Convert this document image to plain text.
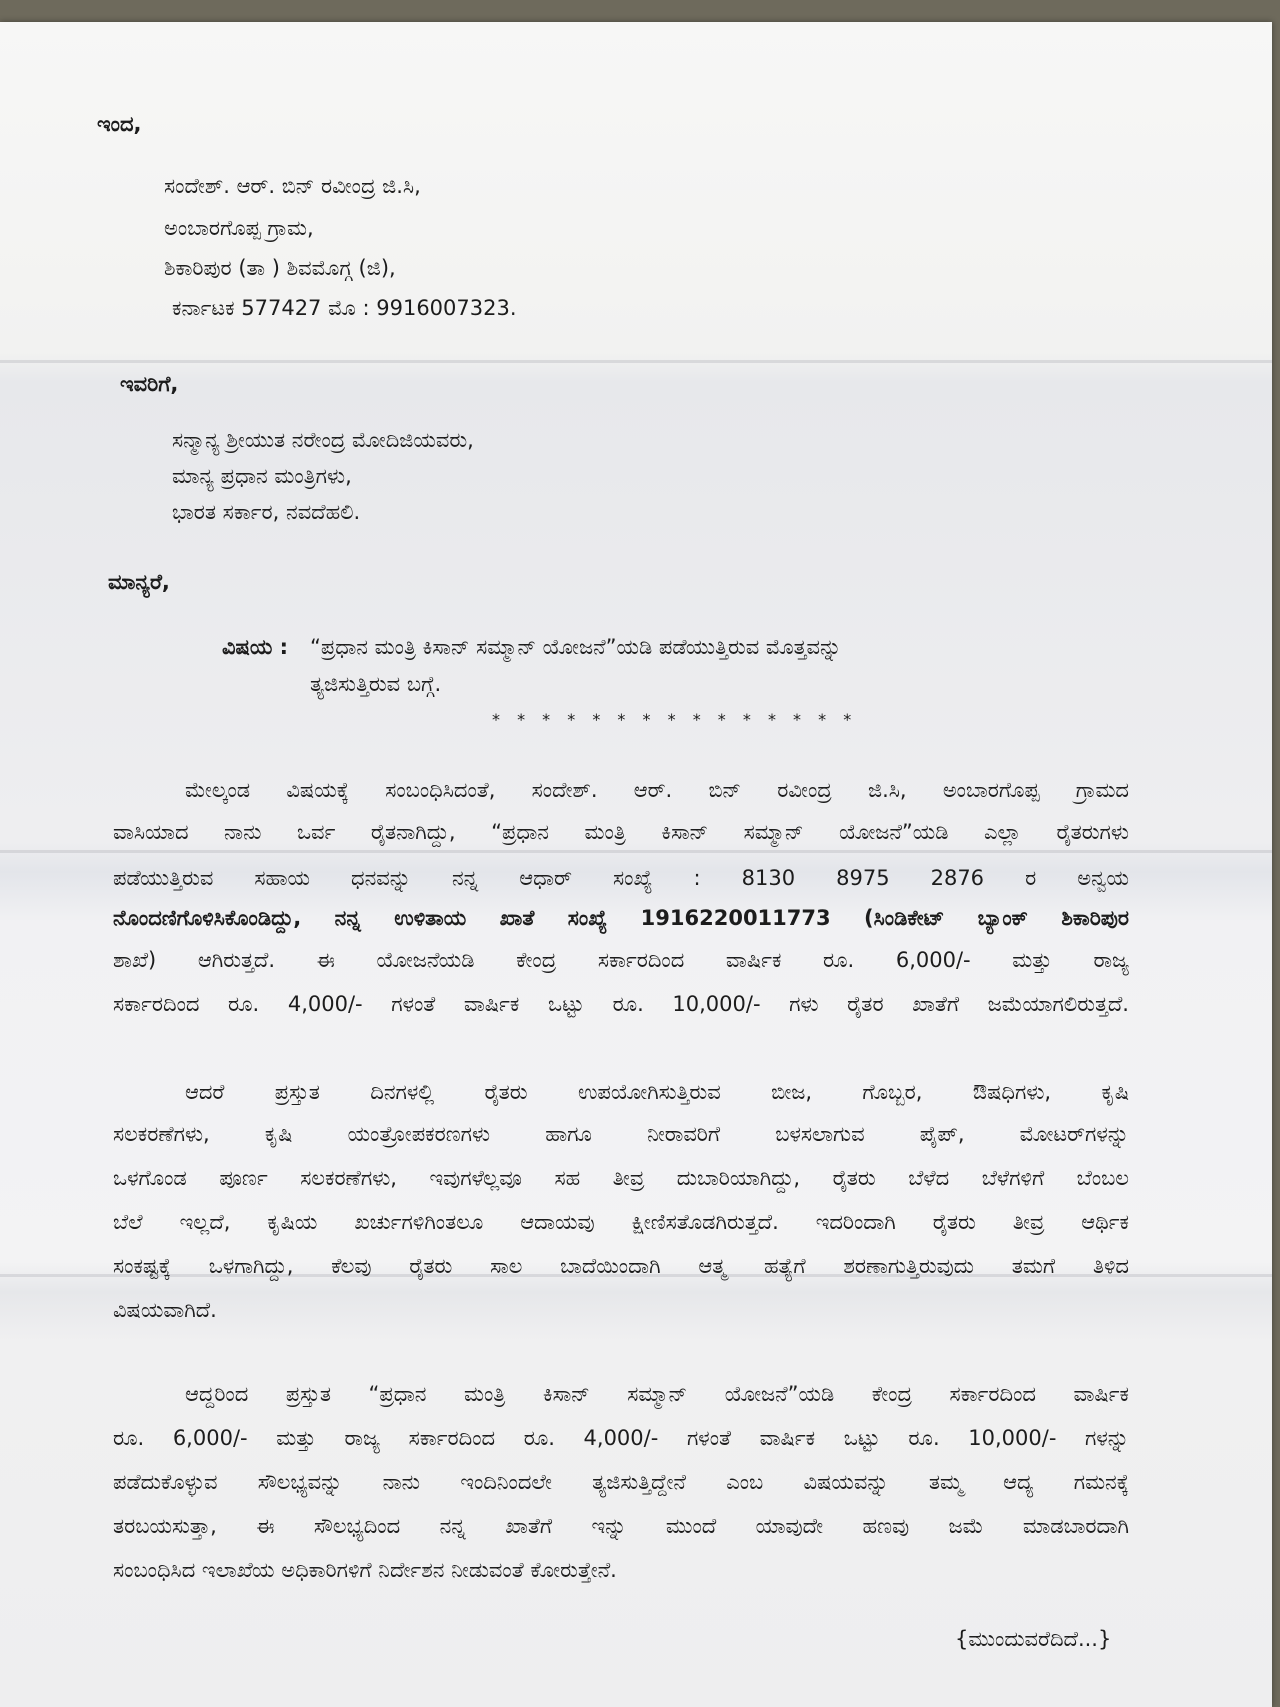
ಇಂದ,
ಸಂದೇಶ್. ಆರ್. ಬಿನ್ ರವೀಂದ್ರ ಜಿ.ಸಿ,
ಅಂಬಾರಗೊಪ್ಪ ಗ್ರಾಮ,
ಶಿಕಾರಿಪುರ (ತಾ ) ಶಿವಮೊಗ್ಗ (ಜಿ),
ಕರ್ನಾಟಕ 577427 ಮೊ : 9916007323.
ಇವರಿಗೆ,
ಸನ್ಮಾನ್ಯ ಶ್ರೀಯುತ ನರೇಂದ್ರ ಮೋದಿಜಿಯವರು,
ಮಾನ್ಯ ಪ್ರಧಾನ ಮಂತ್ರಿಗಳು,
ಭಾರತ ಸರ್ಕಾರ, ನವದೆಹಲಿ.
ಮಾನ್ಯರೆ,
ವಿಷಯ : “ಪ್ರಧಾನ ಮಂತ್ರಿ ಕಿಸಾನ್ ಸಮ್ಮಾನ್ ಯೋಜನೆ”ಯಡಿ ಪಡೆಯುತ್ತಿರುವ ಮೊತ್ತವನ್ನು
ತ್ಯಜಿಸುತ್ತಿರುವ ಬಗ್ಗೆ.
* * * * * * * * * * * * * * *
ಮೇಲ್ಕಂಡ ವಿಷಯಕ್ಕೆ ಸಂಬಂಧಿಸಿದಂತೆ, ಸಂದೇಶ್. ಆರ್. ಬಿನ್ ರವೀಂದ್ರ ಜಿ.ಸಿ, ಅಂಬಾರಗೊಪ್ಪ ಗ್ರಾಮದ
ವಾಸಿಯಾದ ನಾನು ಒರ್ವ ರೈತನಾಗಿದ್ದು, “ಪ್ರಧಾನ ಮಂತ್ರಿ ಕಿಸಾನ್ ಸಮ್ಮಾನ್ ಯೋಜನೆ”ಯಡಿ ಎಲ್ಲಾ ರೈತರುಗಳು
ಪಡೆಯುತ್ತಿರುವ ಸಹಾಯ ಧನವನ್ನು ನನ್ನ ಆಧಾರ್ ಸಂಖ್ಯೆ : 8130 8975 2876 ರ ಅನ್ವಯ
ನೊಂದಣಿಗೊಳಿಸಿಕೊಂಡಿದ್ದು, ನನ್ನ ಉಳಿತಾಯ ಖಾತೆ ಸಂಖ್ಯೆ 1916220011773 (ಸಿಂಡಿಕೇಟ್ ಬ್ಯಾಂಕ್ ಶಿಕಾರಿಪುರ
ಶಾಖೆ) ಆಗಿರುತ್ತದೆ. ಈ ಯೋಜನೆಯಡಿ ಕೇಂದ್ರ ಸರ್ಕಾರದಿಂದ ವಾರ್ಷಿಕ ರೂ. 6,000/- ಮತ್ತು ರಾಜ್ಯ
ಸರ್ಕಾರದಿಂದ ರೂ. 4,000/- ಗಳಂತೆ ವಾರ್ಷಿಕ ಒಟ್ಟು ರೂ. 10,000/- ಗಳು ರೈತರ ಖಾತೆಗೆ ಜಮೆಯಾಗಲಿರುತ್ತದೆ.
ಆದರೆ ಪ್ರಸ್ತುತ ದಿನಗಳಲ್ಲಿ ರೈತರು ಉಪಯೋಗಿಸುತ್ತಿರುವ ಬೀಜ, ಗೊಬ್ಬರ, ಔಷಧಿಗಳು, ಕೃಷಿ
ಸಲಕರಣೆಗಳು, ಕೃಷಿ ಯಂತ್ರೋಪಕರಣಗಳು ಹಾಗೂ ನೀರಾವರಿಗೆ ಬಳಸಲಾಗುವ ಪೈಪ್, ಮೋಟರ್‌ಗಳನ್ನು
ಒಳಗೊಂಡ ಪೂರ್ಣ ಸಲಕರಣೆಗಳು, ಇವುಗಳೆಲ್ಲವೂ ಸಹ ತೀವ್ರ ದುಬಾರಿಯಾಗಿದ್ದು, ರೈತರು ಬೆಳೆದ ಬೆಳೆಗಳಿಗೆ ಬೆಂಬಲ
ಬೆಲೆ ಇಲ್ಲದೆ, ಕೃಷಿಯ ಖರ್ಚುಗಳಿಗಿಂತಲೂ ಆದಾಯವು ಕ್ಷೀಣಿಸತೊಡಗಿರುತ್ತದೆ. ಇದರಿಂದಾಗಿ ರೈತರು ತೀವ್ರ ಆರ್ಥಿಕ
ಸಂಕಷ್ಟಕ್ಕೆ ಒಳಗಾಗಿದ್ದು, ಕೆಲವು ರೈತರು ಸಾಲ ಬಾದೆಯಿಂದಾಗಿ ಆತ್ಮ ಹತ್ಯೆಗೆ ಶರಣಾಗುತ್ತಿರುವುದು ತಮಗೆ ತಿಳಿದ
ವಿಷಯವಾಗಿದೆ.
ಆದ್ದರಿಂದ ಪ್ರಸ್ತುತ “ಪ್ರಧಾನ ಮಂತ್ರಿ ಕಿಸಾನ್ ಸಮ್ಮಾನ್ ಯೋಜನೆ”ಯಡಿ ಕೇಂದ್ರ ಸರ್ಕಾರದಿಂದ ವಾರ್ಷಿಕ
ರೂ. 6,000/- ಮತ್ತು ರಾಜ್ಯ ಸರ್ಕಾರದಿಂದ ರೂ. 4,000/- ಗಳಂತೆ ವಾರ್ಷಿಕ ಒಟ್ಟು ರೂ. 10,000/- ಗಳನ್ನು
ಪಡೆದುಕೊಳ್ಳುವ ಸೌಲಭ್ಯವನ್ನು ನಾನು ಇಂದಿನಿಂದಲೇ ತ್ಯಜಿಸುತ್ತಿದ್ದೇನೆ ಎಂಬ ವಿಷಯವನ್ನು ತಮ್ಮ ಆದ್ಯ ಗಮನಕ್ಕೆ
ತರಬಯಸುತ್ತಾ, ಈ ಸೌಲಭ್ಯದಿಂದ ನನ್ನ ಖಾತೆಗೆ ಇನ್ನು ಮುಂದೆ ಯಾವುದೇ ಹಣವು ಜಮೆ ಮಾಡಬಾರದಾಗಿ
ಸಂಬಂಧಿಸಿದ ಇಲಾಖೆಯ ಅಧಿಕಾರಿಗಳಿಗೆ ನಿರ್ದೇಶನ ನೀಡುವಂತೆ ಕೋರುತ್ತೇನೆ.
{ಮುಂದುವರೆದಿದೆ...}
